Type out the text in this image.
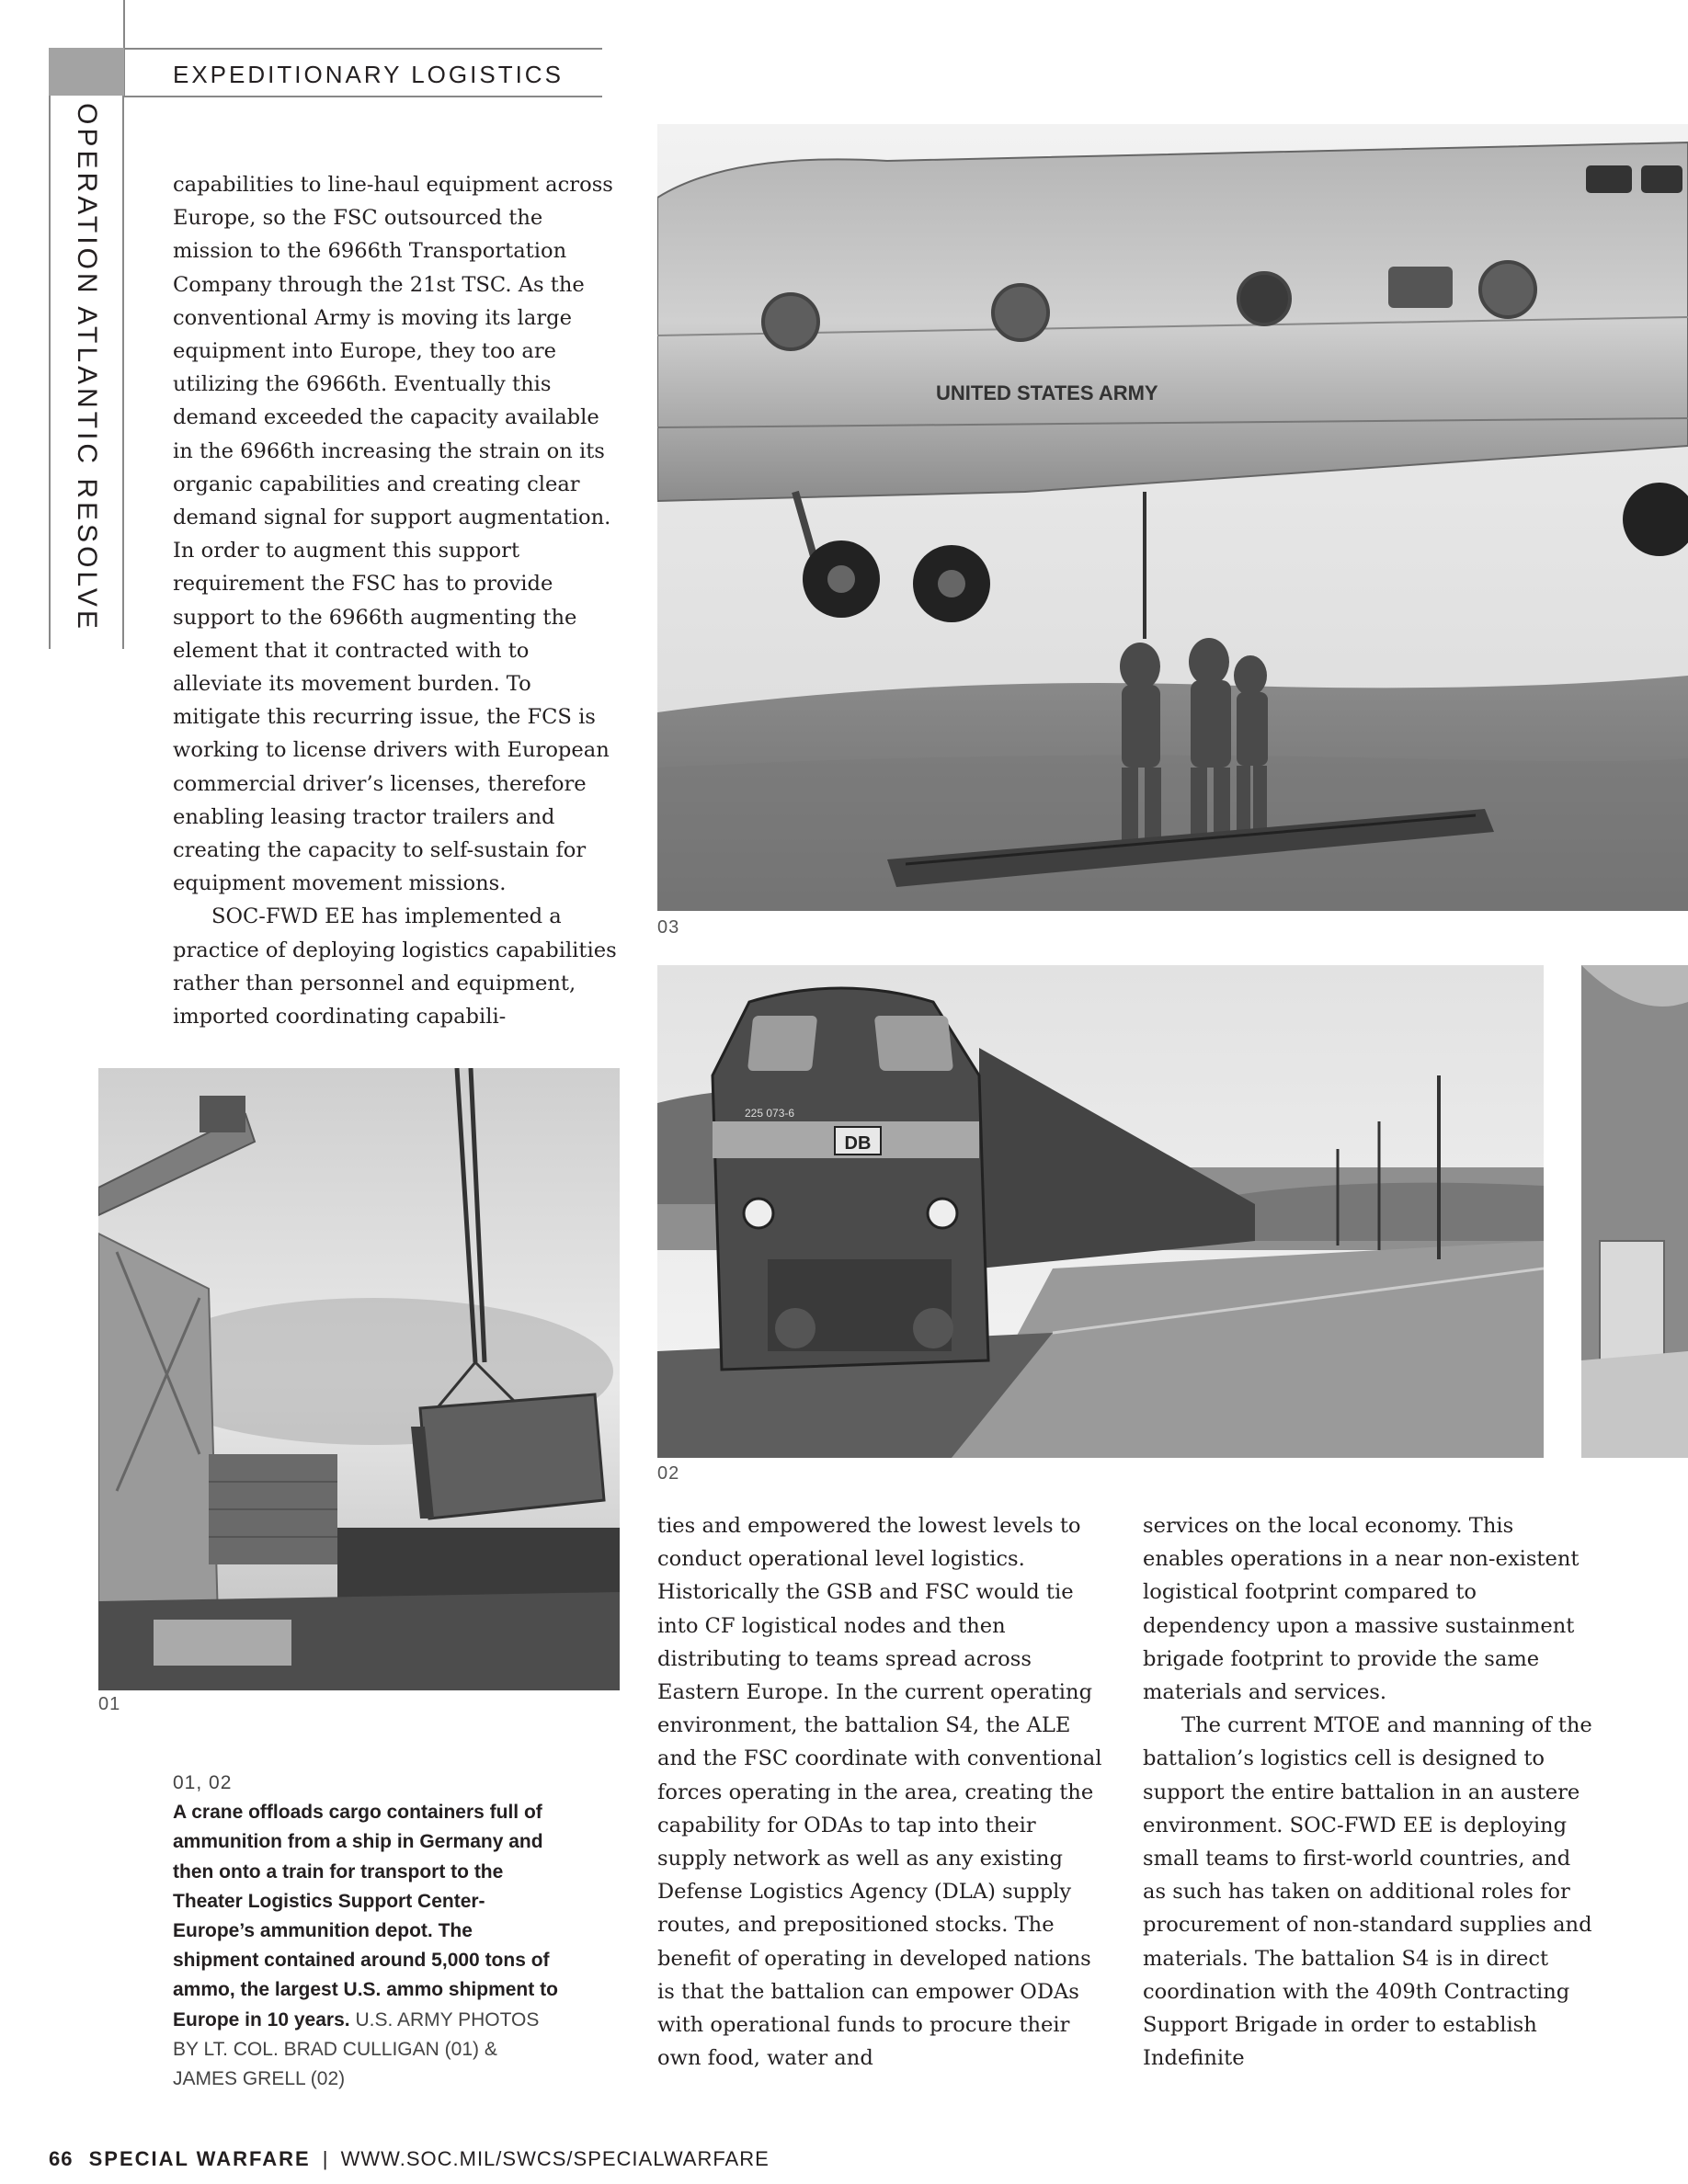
EXPEDITIONARY LOGISTICS
OPERATION ATLANTIC RESOLVE	capabilities to line-haul equipment across Europe, so the FSC outsourced the mission to the 6966th Transportation Company through the 21st TSC. As the conventional Army is moving its large equipment into Europe, they too are utilizing the 6966th. Eventually this demand exceeded the capacity available in the 6966th increasing the strain on its organic capabilities and creating clear demand signal for support augmentation. In order to augment this support requirement the FSC has to provide support to the 6966th augmenting the element that it contracted with to alleviate its movement burden. To mitigate this recurring issue, the FCS is working to license drivers with European commercial driver’s licenses, therefore enabling leasing tractor trailers and creating the capacity to self-sustain for equipment movement missions.

SOC-FWD EE has implemented a practice of deploying logistics capabilities rather than personnel and equipment, imported coordinating capabili-

UNITED STATES ARMY
03
DB
225 073-6
02
01
01, 02
A crane offloads cargo containers full of ammunition from a ship in Germany and then onto a train for transport to the Theater Logistics Support Center-Europe’s ammunition depot. The shipment contained around 5,000 tons of ammo, the largest U.S. ammo shipment to Europe in 10 years. U.S. ARMY PHOTOS BY LT. COL. BRAD CULLIGAN (01) & JAMES GRELL (02)

ties and empowered the lowest levels to conduct operational level logistics. Historically the GSB and FSC would tie into CF logistical nodes and then distributing to teams spread across Eastern Europe. In the current operating environment, the battalion S4, the ALE and the FSC coordinate with conventional forces operating in the area, creating the capability for ODAs to tap into their supply network as well as any existing Defense Logistics Agency (DLA) supply routes, and prepositioned stocks. The benefit of operating in developed nations is that the battalion can empower ODAs with operational funds to procure their own food, water and

services on the local economy. This enables operations in a near non-existent logistical footprint compared to dependency upon a massive sustainment brigade footprint to provide the same materials and services.

The current MTOE and manning of the battalion’s logistics cell is designed to support the entire battalion in an austere environment. SOC-FWD EE is deploying small teams to first-world countries, and as such has taken on additional roles for procurement of non-standard supplies and materials. The battalion S4 is in direct coordination with the 409th Contracting Support Brigade in order to establish Indefinite

66 SPECIAL WARFARE | WWW.SOC.MIL/SWCS/SPECIALWARFARE
